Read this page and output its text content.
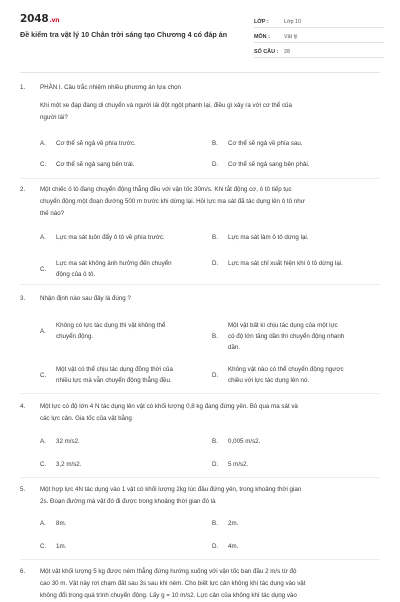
2048.vn
Đề kiểm tra vật lý 10 Chân trời sáng tạo Chương 4 có đáp án
LỚP :	Lớp 10
MÔN :	Vật lý
SỐ CÂU :	28
1. PHẦN I. Câu trắc nhiệm nhiều phương án lựa chọn
Khi một xe đạp đang di chuyển và người lái đột ngột phanh lại, điều gì xảy ra với cơ thể của
người lái?
A. Cơ thể sẽ ngả về phía trước.	B. Cơ thể sẽ ngả về phía sau.
C. Cơ thể sẽ ngả sang bên trái.	D. Cơ thể sẽ ngả sang bên phải.
2. Một chiếc ô tô đang chuyển động thẳng đều với vận tốc 30m/s. Khi tắt động cơ, ô tô tiếp tục
chuyển động một đoạn đường 500 m trước khi dừng lại. Hỏi lực ma sát đã tác dụng lên ô tô như
thế nào?
A. Lực ma sát luôn đẩy ô tô về phía trước.	B. Lực ma sát làm ô tô dừng lại.
C.
Lực ma sát không ảnh hưởng đến chuyển
động của ô tô.
D. Lực ma sát chỉ xuất hiện khi ô tô dừng lại.
3. Nhận định nào sau đây là đúng ?
A.
Không có lực tác dụng thì vật không thể
chuyển động.	B.
Một vật bất kì chịu tác dụng của một lực
có độ lớn tăng dần thì chuyển động nhanh
dần.
C.
Một vật có thể chịu tác dụng đồng thời của
nhiều lực mà vẫn chuyển động thẳng đều.
D.
Không vật nào có thể chuyển động ngược
chiều với lực tác dụng lên nó.
4. Một lực có độ lớn 4 N tác dụng lên vật có khối lượng 0,8 kg đang đứng yên. Bỏ qua ma sát và
các lực cản. Gia tốc của vật bằng
A. 32 m/s2.	B. 0,005 m/s2.
C. 3,2 m/s2.	D. 5 m/s2.
5. Một hợp lực 4N tác dụng vào 1 vật có khối lượng 2kg lúc đầu đứng yên, trong khoảng thời gian
2s. Đoạn đường mà vật đó đi được trong khoảng thời gian đó là
A. 8m.	B. 2m.
C. 1m.	D. 4m.
6. Một vật khối lượng 5 kg được ném thẳng đứng hướng xuống với vận tốc ban đầu 2 m/s từ độ
cao 30 m. Vật này rơi chạm đất sau 3s sau khi ném. Cho biết lực cản không khí tác dụng vào vật
không đổi trong quá trình chuyển động. Lấy g = 10 m/s2. Lực cản của không khí tác dụng vào
